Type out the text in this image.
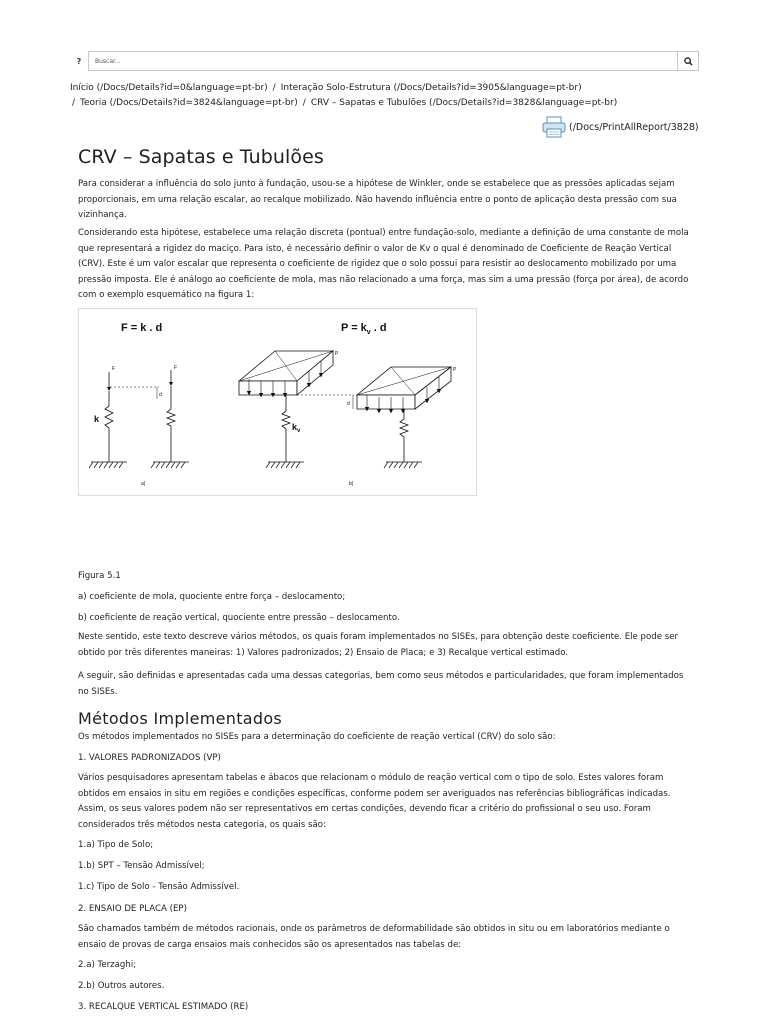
?	Buscar...
Início (/Docs/Details?id=0&language=pt-br) / Interação Solo-Estrutura (/Docs/Details?id=3905&language=pt-br)
/ Teoria (/Docs/Details?id=3824&language=pt-br) / CRV – Sapatas e Tubulões (/Docs/Details?id=3828&language=pt-br)
(/Docs/PrintAllReport/3828)
CRV – Sapatas e Tubulões

Para considerar a influência do solo junto à fundação, usou-se a hipótese de Winkler, onde se estabelece que as pressões aplicadas sejam proporcionais, em uma relação escalar, ao recalque mobilizado. Não havendo influência entre o ponto de aplicação desta pressão com sua vizinhança.

Considerando esta hipótese, estabelece uma relação discreta (pontual) entre fundação-solo, mediante a definição de uma constante de mola que representará a rigidez do maciço. Para isto, é necessário definir o valor de Kv o qual é denominado de Coeficiente de Reação Vertical (CRV). Este é um valor escalar que representa o coeficiente de rigidez que o solo possui para resistir ao deslocamento mobilizado por uma pressão imposta. Ele é análogo ao coeficiente de mola, mas não relacionado a uma força, mas sim a uma pressão (força por área), de acordo com o exemplo esquemático na figura 1:

F = k . d	$P = k_v$ . d
F
k
F
d
a)
P
$k_v$
P
d
b)

Figura 5.1

a) coeficiente de mola, quociente entre força – deslocamento;

b) coeficiente de reação vertical, quociente entre pressão – deslocamento.

Neste sentido, este texto descreve vários métodos, os quais foram implementados no SISEs, para obtenção deste coeficiente. Ele pode ser obtido por três diferentes maneiras: 1) Valores padronizados; 2) Ensaio de Placa; e 3) Recalque vertical estimado.

A seguir, são definidas e apresentadas cada uma dessas categorias, bem como seus métodos e particularidades, que foram implementados no SISEs.

Métodos Implementados

Os métodos implementados no SISEs para a determinação do coeficiente de reação vertical (CRV) do solo são:

1. VALORES PADRONIZADOS (VP)

Vários pesquisadores apresentam tabelas e ábacos que relacionam o módulo de reação vertical com o tipo de solo. Estes valores foram obtidos em ensaios in situ em regiões e condições específicas, conforme podem ser averiguados nas referências bibliográficas indicadas. Assim, os seus valores podem não ser representativos em certas condições, devendo ficar a critério do profissional o seu uso. Foram considerados três métodos nesta categoria, os quais são:

1.a) Tipo de Solo;

1.b) SPT – Tensão Admissível;

1.c) Tipo de Solo - Tensão Admissível.

2. ENSAIO DE PLACA (EP)

São chamados também de métodos racionais, onde os parâmetros de deformabilidade são obtidos in situ ou em laboratórios mediante o ensaio de provas de carga ensaios mais conhecidos são os apresentados nas tabelas de:

2.a) Terzaghi;

2.b) Outros autores.

3. RECALQUE VERTICAL ESTIMADO (RE)
